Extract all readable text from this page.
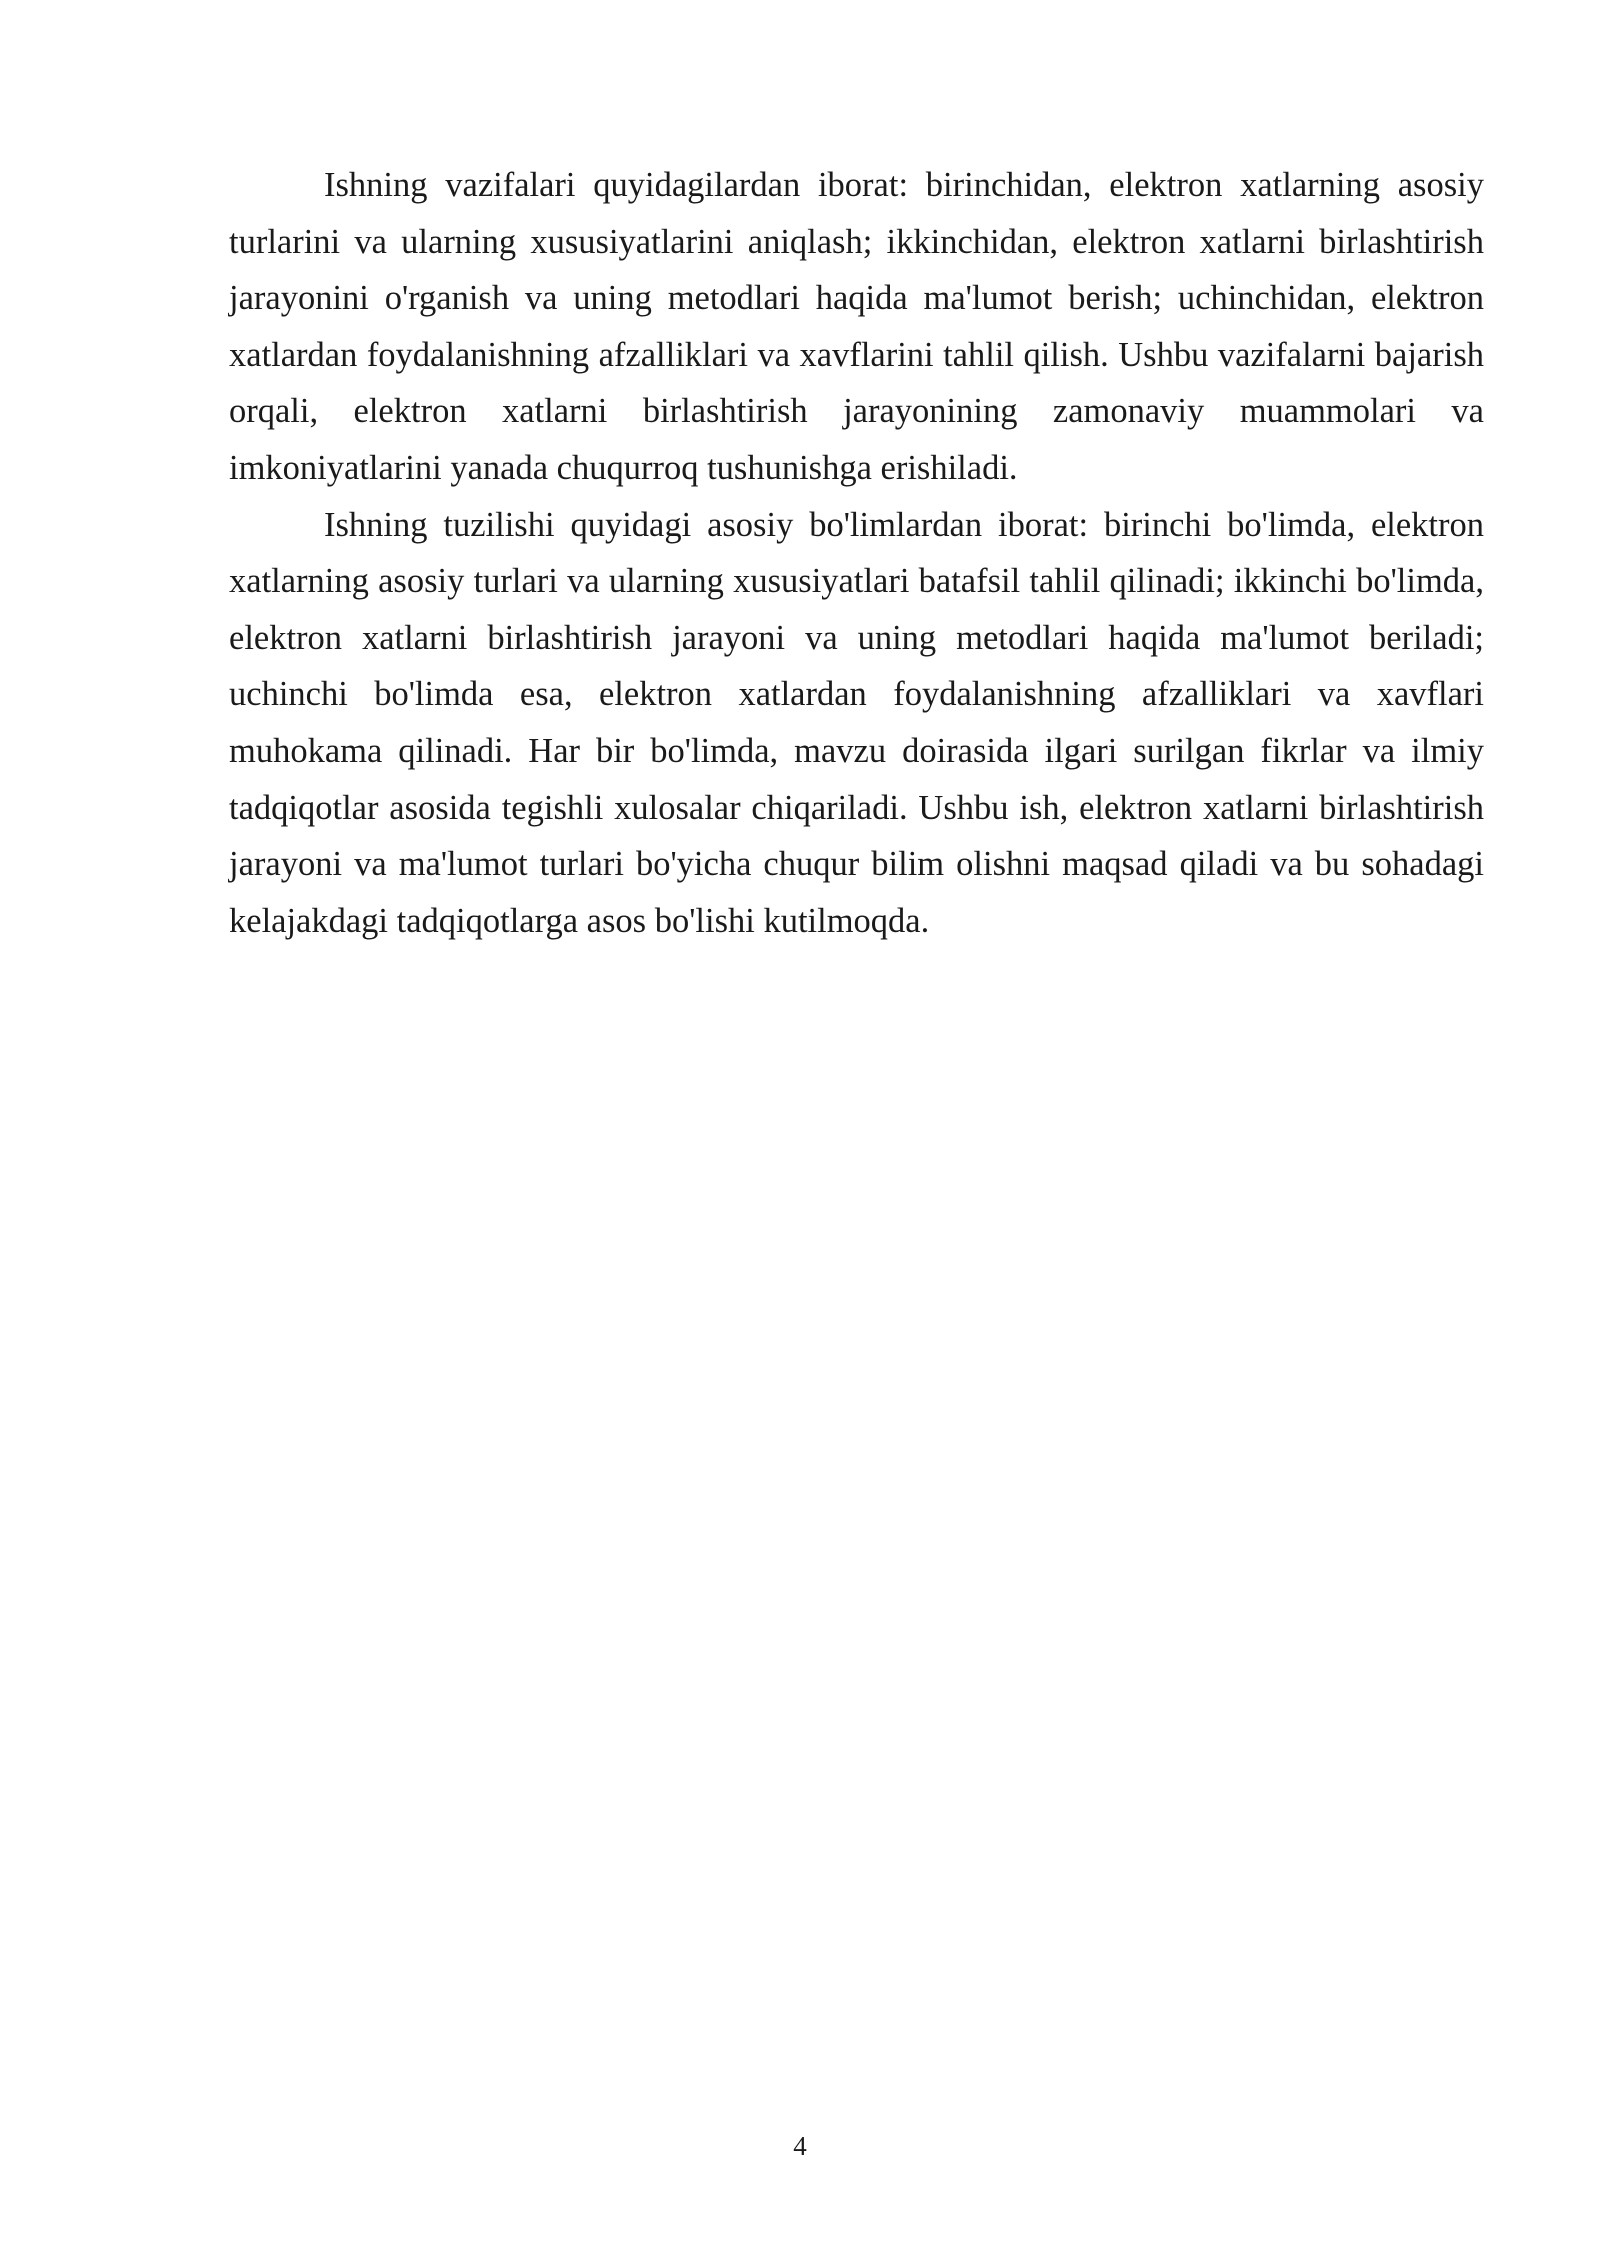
Ishning vazifalari quyidagilardan iborat: birinchidan, elektron xatlarning asosiy turlarini va ularning xususiyatlarini aniqlash; ikkinchidan, elektron xatlarni birlashtirish jarayonini o'rganish va uning metodlari haqida ma'lumot berish; uchinchidan, elektron xatlardan foydalanishning afzalliklari va xavflarini tahlil qilish. Ushbu vazifalarni bajarish orqali, elektron xatlarni birlashtirish jarayonining zamonaviy muammolari va imkoniyatlarini yanada chuqurroq tushunishga erishiladi.

Ishning tuzilishi quyidagi asosiy bo'limlardan iborat: birinchi bo'limda, elektron xatlarning asosiy turlari va ularning xususiyatlari batafsil tahlil qilinadi; ikkinchi bo'limda, elektron xatlarni birlashtirish jarayoni va uning metodlari haqida ma'lumot beriladi; uchinchi bo'limda esa, elektron xatlardan foydalanishning afzalliklari va xavflari muhokama qilinadi. Har bir bo'limda, mavzu doirasida ilgari surilgan fikrlar va ilmiy tadqiqotlar asosida tegishli xulosalar chiqariladi. Ushbu ish, elektron xatlarni birlashtirish jarayoni va ma'lumot turlari bo'yicha chuqur bilim olishni maqsad qiladi va bu sohadagi kelajakdagi tadqiqotlarga asos bo'lishi kutilmoqda.

4
